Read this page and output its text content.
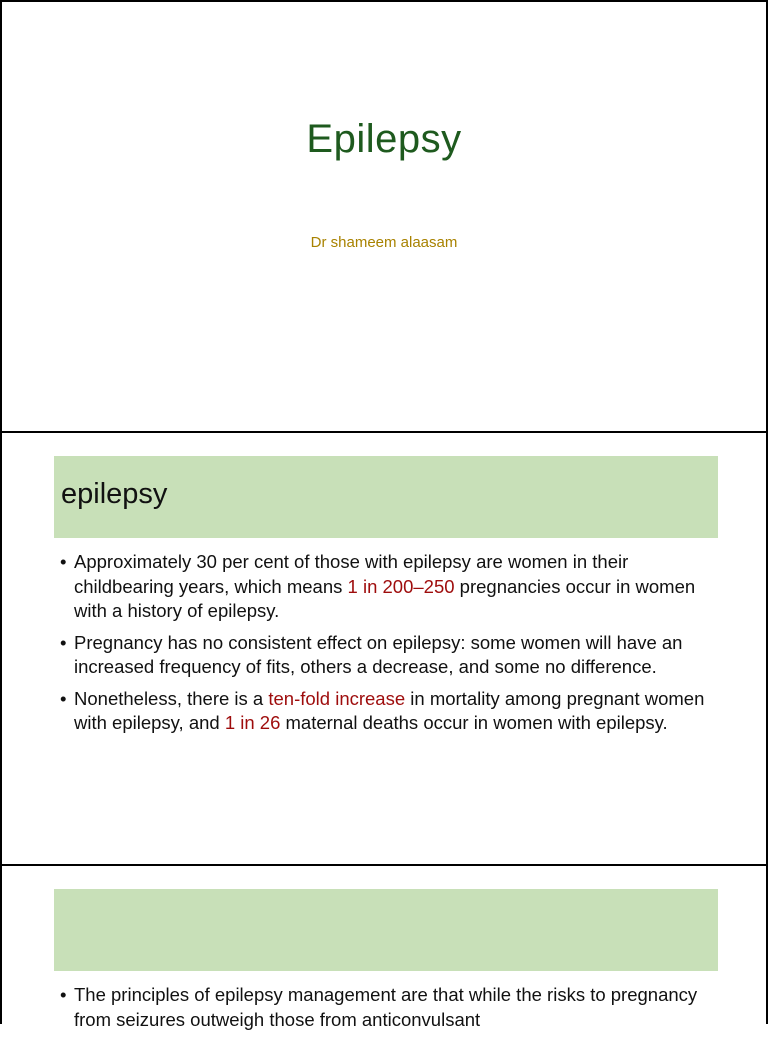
Epilepsy
Dr shameem alaasam
epilepsy
• Approximately 30 per cent of those with epilepsy are women in their childbearing years, which means 1 in 200–250 pregnancies occur in women with a history of epilepsy.
• Pregnancy has no consistent effect on epilepsy: some women will have an increased frequency of fits, others a decrease, and some no difference.
• Nonetheless, there is a ten-fold increase in mortality among pregnant women with epilepsy, and 1 in 26 maternal deaths occur in women with epilepsy.
• The principles of epilepsy management are that while the risks to pregnancy from seizures outweigh those from anticonvulsant
